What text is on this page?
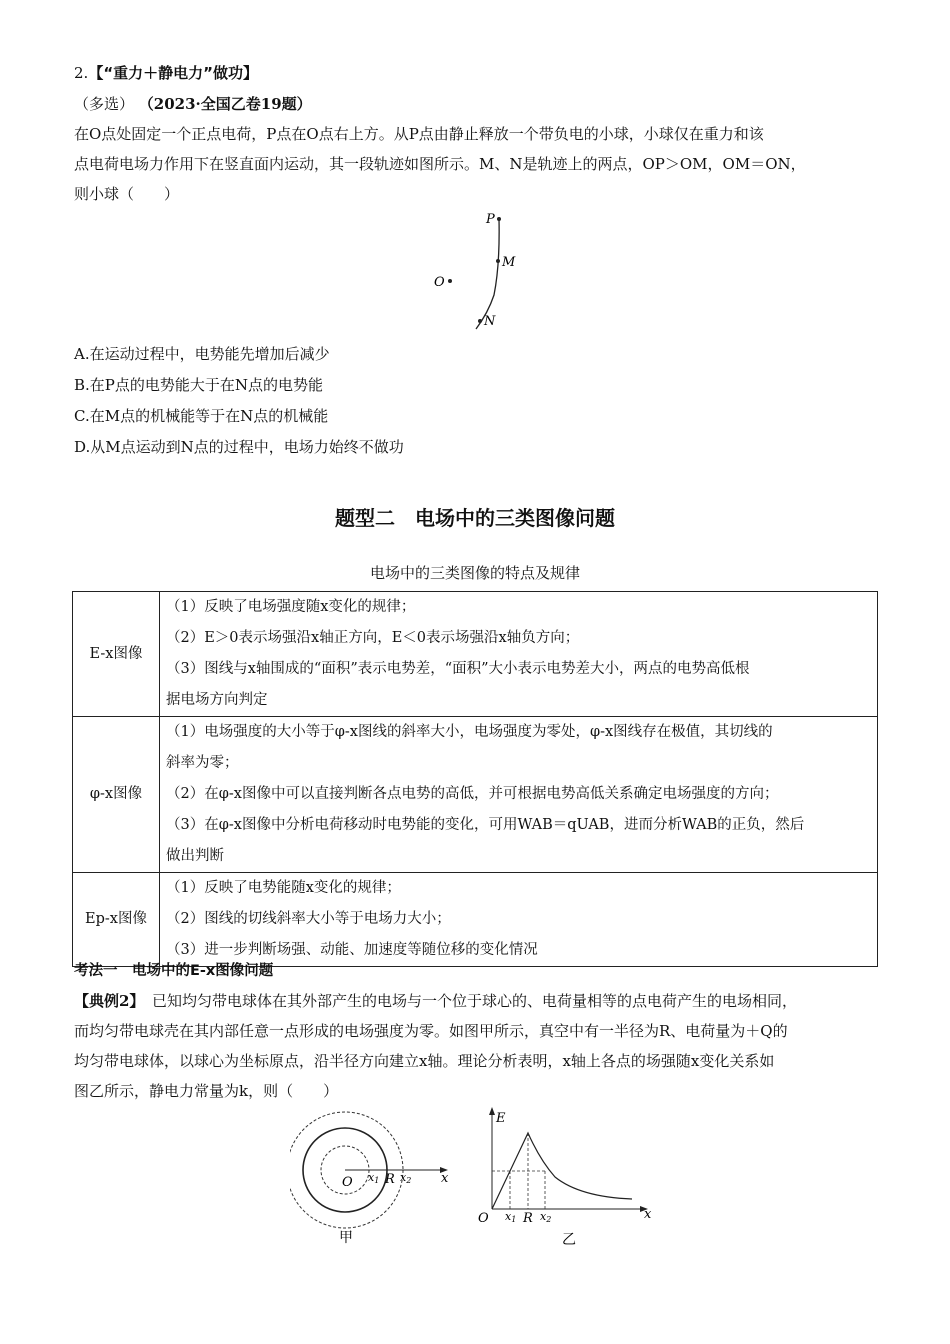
2.【“重力＋静电力”做功】
（多选） （2023·全国乙卷19题）
在O点处固定一个正点电荷，P点在O点右上方。从P点由静止释放一个带负电的小球，小球仅在重力和该
点电荷电场力作用下在竖直面内运动，其一段轨迹如图所示。M、N是轨迹上的两点，OP＞OM，OM＝ON，
则小球（　　）
P
M
O
N
A.在运动过程中，电势能先增加后减少
B.在P点的电势能大于在N点的电势能
C.在M点的机械能等于在N点的机械能
D.从M点运动到N点的过程中，电场力始终不做功
题型二　电场中的三类图像问题
电场中的三类图像的特点及规律
E-x图像	（1）反映了电场强度随x变化的规律；
（2）E＞0表示场强沿x轴正方向，E＜0表示场强沿x轴负方向；
（3）图线与x轴围成的“面积”表示电势差，“面积”大小表示电势差大小，两点的电势高低根
据电场方向判定

φ-x图像	（1）电场强度的大小等于φ-x图线的斜率大小，电场强度为零处，φ-x图线存在极值，其切线的
斜率为零；
（2）在φ-x图像中可以直接判断各点电势的高低，并可根据电势高低关系确定电场强度的方向；
（3）在φ-x图像中分析电荷移动时电势能的变化，可用WAB＝qUAB，进而分析WAB的正负，然后
做出判断

Ep-x图像	（1）反映了电势能随x变化的规律；
（2）图线的切线斜率大小等于电场力大小；
（3）进一步判断场强、动能、加速度等随位移的变化情况
考法一　电场中的E-x图像问题
【典例2】　 已知均匀带电球体在其外部产生的电场与一个位于球心的、电荷量相等的点电荷产生的电场相同，
而均匀带电球壳在其内部任意一点形成的电场强度为零。如图甲所示，真空中有一半径为R、电荷量为＋Q的
均匀带电球体，以球心为坐标原点，沿半径方向建立x轴。理论分析表明，x轴上各点的场强随x变化关系如
图乙所示，静电力常量为k，则（　　）
O x1 R x2 x
甲
E
O x1 R x2	x
乙
